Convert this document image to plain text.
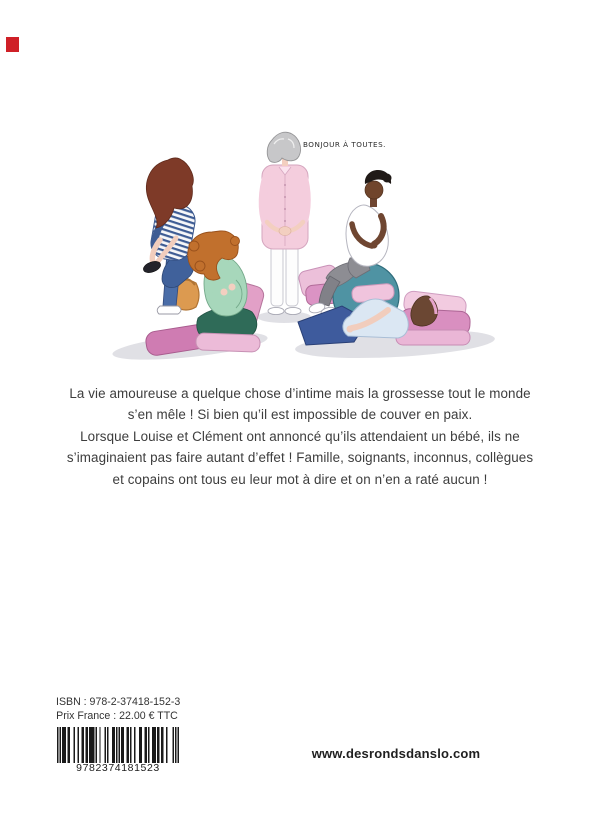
BONJOUR À TOUTES.
La vie amoureuse a quelque chose d’intime mais la grossesse tout le monde
s’en mêle ! Si bien qu’il est impossible de couver en paix.
Lorsque Louise et Clément ont annoncé qu’ils attendaient un bébé, ils ne
s’imaginaient pas faire autant d’effet ! Famille, soignants, inconnus, collègues
et copains ont tous eu leur mot à dire et on n’en a raté aucun !
ISBN : 978-2-37418-152-3
Prix France : 22.00 € TTC
9782374181523
www.desrondsdanslo.com
